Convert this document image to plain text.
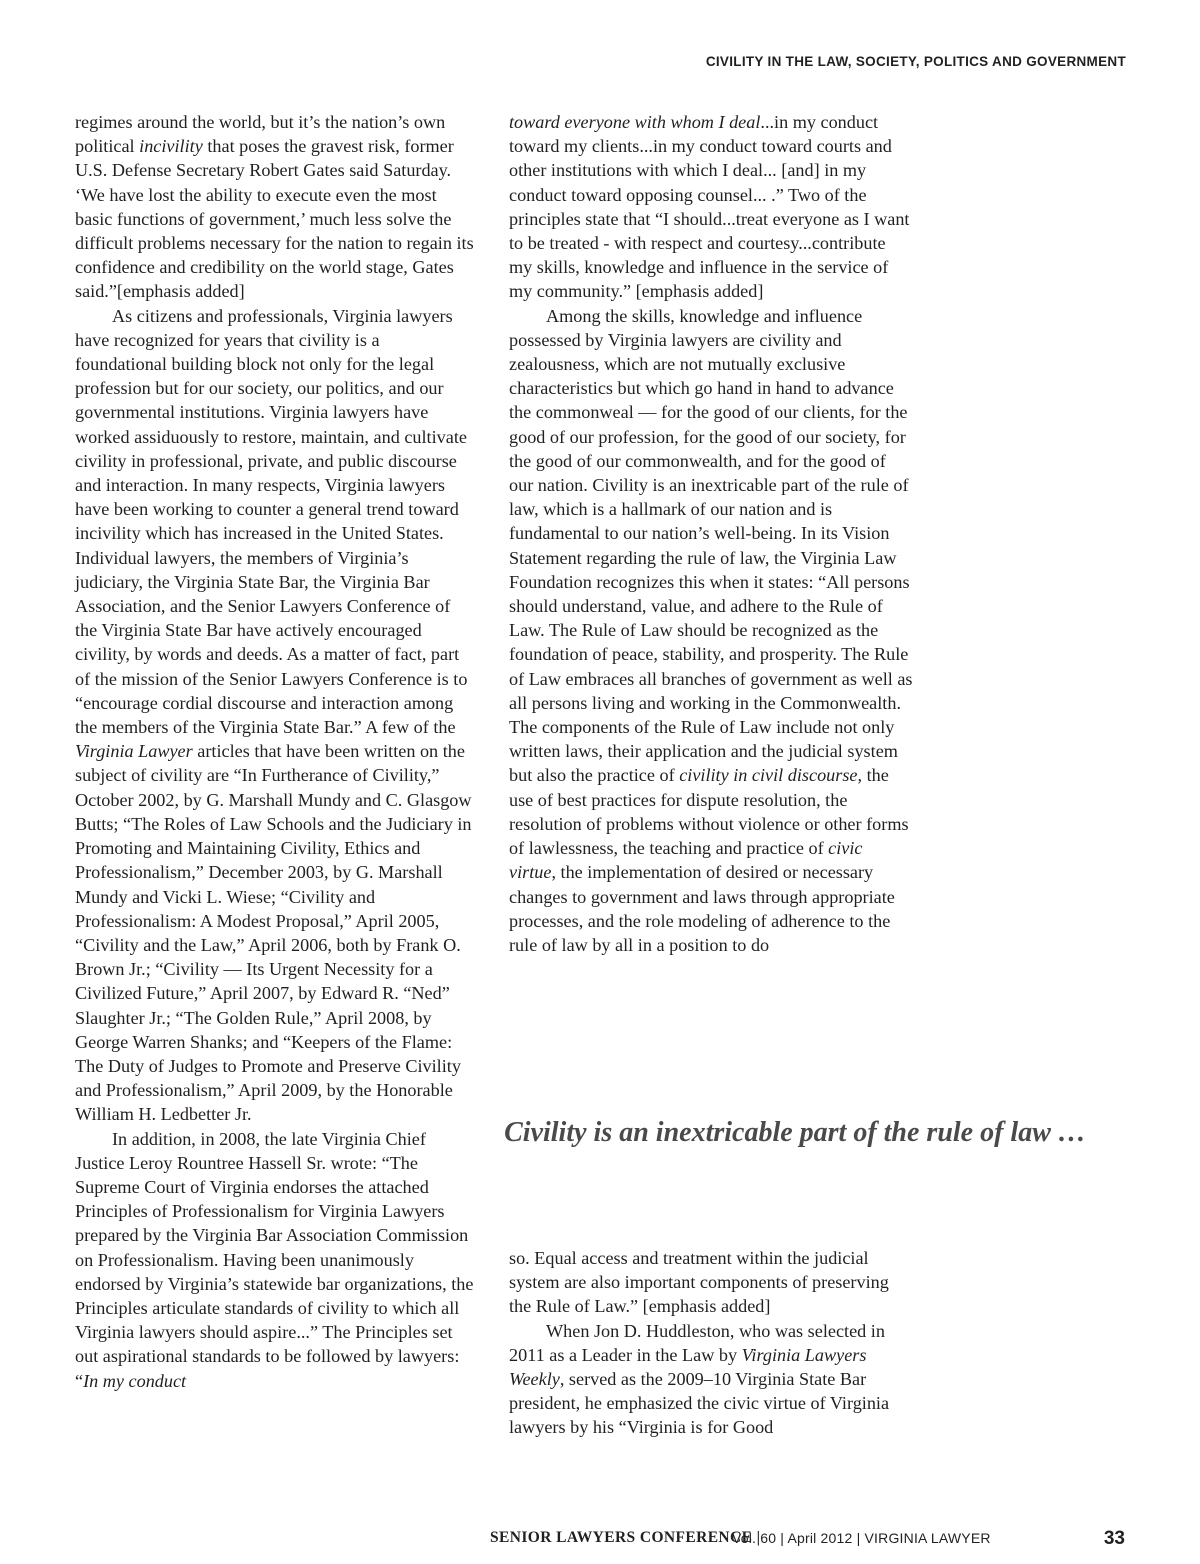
CIVILITY IN THE LAW, SOCIETY, POLITICS AND GOVERNMENT

regimes around the world, but it’s the nation’s own political incivility that poses the gravest risk, former U.S. Defense Secretary Robert Gates said Saturday. ‘We have lost the ability to execute even the most basic functions of government,’ much less solve the difficult problems necessary for the nation to regain its confidence and credibility on the world stage, Gates said.”[emphasis added]

As citizens and professionals, Virginia lawyers have recognized for years that civility is a foundational building block not only for the legal profession but for our society, our politics, and our governmental institutions. Virginia lawyers have worked assiduously to restore, maintain, and cultivate civility in professional, private, and public discourse and interaction. In many respects, Virginia lawyers have been working to counter a general trend toward incivility which has increased in the United States. Individual lawyers, the members of Virginia’s judiciary, the Virginia State Bar, the Virginia Bar Association, and the Senior Lawyers Conference of the Virginia State Bar have actively encouraged civility, by words and deeds. As a matter of fact, part of the mission of the Senior Lawyers Conference is to “encourage cordial discourse and interaction among the members of the Virginia State Bar.” A few of the Virginia Lawyer articles that have been written on the subject of civility are “In Furtherance of Civility,” October 2002, by G. Marshall Mundy and C. Glasgow Butts; “The Roles of Law Schools and the Judiciary in Promoting and Maintaining Civility, Ethics and Professionalism,” December 2003, by G. Marshall Mundy and Vicki L. Wiese; “Civility and Professionalism: A Modest Proposal,” April 2005, “Civility and the Law,” April 2006, both by Frank O. Brown Jr.; “Civility — Its Urgent Necessity for a Civilized Future,” April 2007, by Edward R. “Ned” Slaughter Jr.; “The Golden Rule,” April 2008, by George Warren Shanks; and “Keepers of the Flame: The Duty of Judges to Promote and Preserve Civility and Professionalism,” April 2009, by the Honorable William H. Ledbetter Jr.

In addition, in 2008, the late Virginia Chief Justice Leroy Rountree Hassell Sr. wrote: “The Supreme Court of Virginia endorses the attached Principles of Professionalism for Virginia Lawyers prepared by the Virginia Bar Association Commission on Professionalism. Having been unanimously endorsed by Virginia’s statewide bar organizations, the Principles articulate standards of civility to which all Virginia lawyers should aspire...” The Principles set out aspirational standards to be followed by lawyers: “In my conduct

toward everyone with whom I deal...in my conduct toward my clients...in my conduct toward courts and other institutions with which I deal... [and] in my conduct toward opposing counsel... .” Two of the principles state that “I should...treat everyone as I want to be treated - with respect and courtesy...contribute my skills, knowledge and influence in the service of my community.” [emphasis added]

Among the skills, knowledge and influence possessed by Virginia lawyers are civility and zealousness, which are not mutually exclusive characteristics but which go hand in hand to advance the commonweal — for the good of our clients, for the good of our profession, for the good of our society, for the good of our commonwealth, and for the good of our nation. Civility is an inextricable part of the rule of law, which is a hallmark of our nation and is fundamental to our nation’s well-being. In its Vision Statement regarding the rule of law, the Virginia Law Foundation recognizes this when it states: “All persons should understand, value, and adhere to the Rule of Law. The Rule of Law should be recognized as the foundation of peace, stability, and prosperity. The Rule of Law embraces all branches of government as well as all persons living and working in the Commonwealth. The components of the Rule of Law include not only written laws, their application and the judicial system but also the practice of civility in civil discourse, the use of best practices for dispute resolution, the resolution of problems without violence or other forms of lawlessness, the teaching and practice of civic virtue, the implementation of desired or necessary changes to government and laws through appropriate processes, and the role modeling of adherence to the rule of law by all in a position to do

Civility is an inextricable part of the rule of law …

so. Equal access and treatment within the judicial system are also important components of preserving the Rule of Law.” [emphasis added]

When Jon D. Huddleston, who was selected in 2011 as a Leader in the Law by Virginia Lawyers Weekly, served as the 2009–10 Virginia State Bar president, he emphasized the civic virtue of Virginia lawyers by his “Virginia is for Good

SENIOR LAWYERS CONFERENCE |
Vol. 60 | April 2012 | VIRGINIA LAWYER	33
